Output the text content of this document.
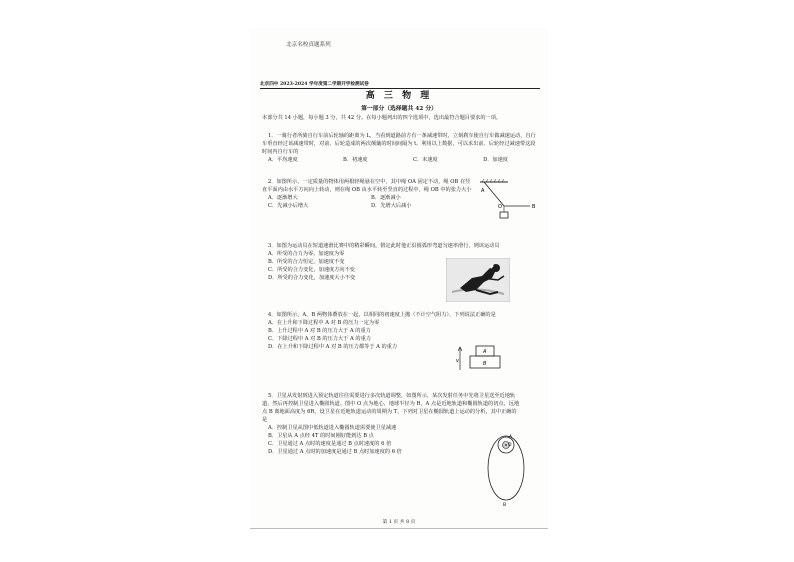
北京名校真题系列
北京四中 2023-2024 学年度第二学期开学检测试卷
高 三 物 理
第一部分（选择题共 42 分）
本部分共 14 小题，每小题 3 分，共 42 分。在每小题列出的四个选项中，选出最符合题目要求的一项。
1．一骑行者所骑自行车前后轮轴的距离为 L，当看到道路前方有一条减速带时，立刻刹车使自行车做减速运动，自行车垂直经过该减速带时，对前、后轮造成的两次颠簸的时间间隔为 t。利用以上数据，可以求出前、后轮经过减速带这段时间内自行车的
A．平均速度	B．初速度	C．末速度	D．加速度
2．如图所示，一定质量的物体用两根轻绳悬在空中，其中绳 OA 固定不动，绳 OB 在竖直平面内由水平方向向上转动，则在绳 OB 由水平转至竖直的过程中，绳 OB 中的张力大小
A．逐渐增大	B．逐渐减小
C．先减小后增大	D．先增大后减小
A
O	B
3．如图为运动员在短道速滑比赛中的精彩瞬间。假定此时他正沿圆弧形弯道匀速率滑行，则该运动员
A．所受的合力为零，加速度为零
B．所受的合力恒定，加速度不变
C．所受的合力变化，加速度方向不变
D．所受的合力变化，加速度大小不变
4．如图所示，A、B 两物体叠放在一起，以相同的初速度上抛（不计空气阻力），下列说法正确的是
A．在上升和下降过程中 A 对 B 的压力一定为零
B．上升过程中 A 对 B 的压力大于 A 的重力
C．下降过程中 A 对 B 的压力大于 A 的重力
D．在上升和下降过程中 A 对 B 的压力都等于 A 的重力
v
A
B
5．卫星从发射到进入预定轨道往往需要进行多次轨道调整，如图所示，某次发射任务中先将卫星送至近地轨道，然后再控制卫星进入椭圆轨道。图中 O 点为地心，地球半径为 R，A 点是近地轨道和椭圆轨道的切点，远地点 B 离地面高度为 6R，设卫星在近地轨道运动的周期为 T，下列对卫星在椭圆轨道上运动的分析，其中正确的是
A．控制卫星从图中低轨道进入椭圆轨道需要使卫星减速
B．卫星从 A 点经 4T 的时间刚好能到达 B 点
C．卫星通过 A 点时的速度是通过 B 点时速度的 6 倍
D．卫星通过 A 点时的加速度是通过 B 点时加速度的 6 倍
O
A
B
第 1 页 共 8 页
